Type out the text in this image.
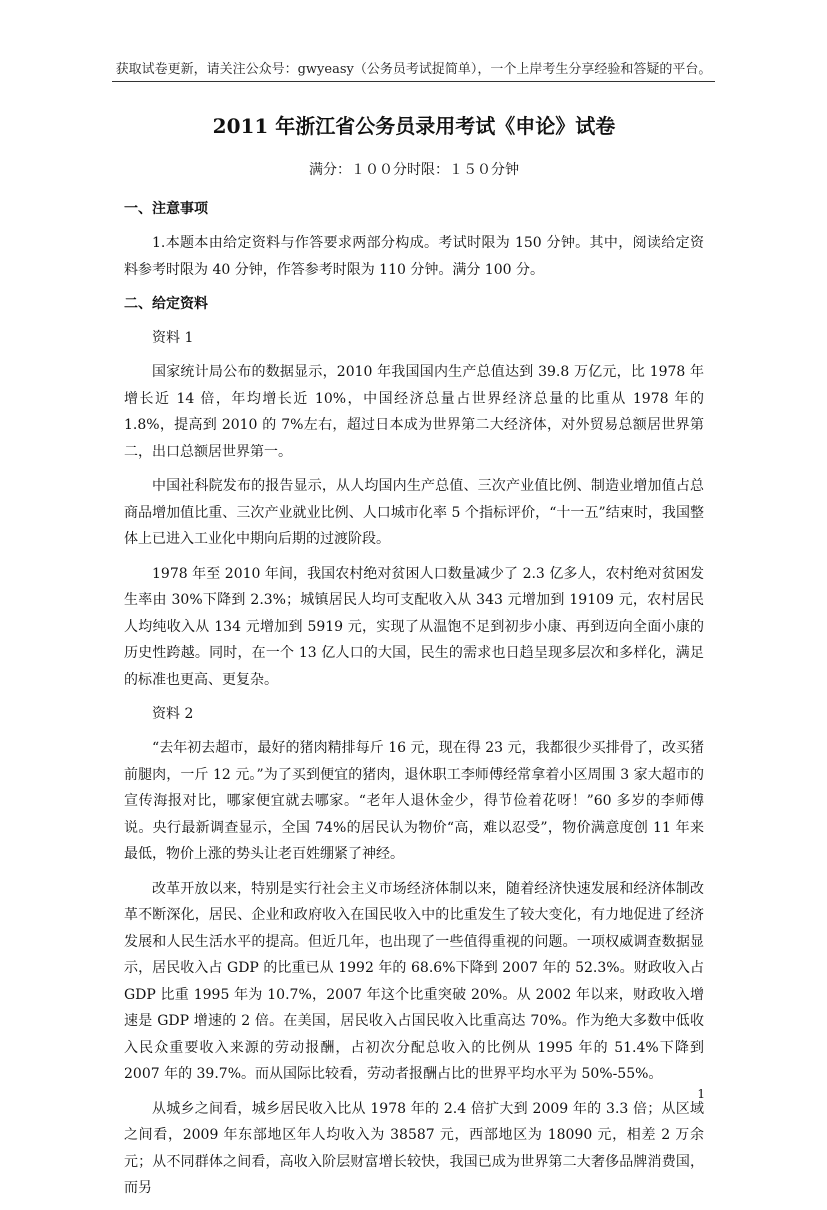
获取试卷更新，请关注公众号：gwyeasy（公务员考试捉简单），一个上岸考生分享经验和答疑的平台。
2011 年浙江省公务员录用考试《申论》试卷
满分：１００分时限：１５０分钟
一、注意事项

1.本题本由给定资料与作答要求两部分构成。考试时限为 150 分钟。其中，阅读给定资料参考时限为 40 分钟，作答参考时限为 110 分钟。满分 100 分。

二、给定资料
资料 1

国家统计局公布的数据显示，2010 年我国国内生产总值达到 39.8 万亿元，比 1978 年增长近 14 倍，年均增长近 10%，中国经济总量占世界经济总量的比重从 1978 年的 1.8%，提高到 2010 的 7%左右，超过日本成为世界第二大经济体，对外贸易总额居世界第二，出口总额居世界第一。

中国社科院发布的报告显示，从人均国内生产总值、三次产业值比例、制造业增加值占总商品增加值比重、三次产业就业比例、人口城市化率 5 个指标评价，“十一五”结束时，我国整体上已进入工业化中期向后期的过渡阶段。

1978 年至 2010 年间，我国农村绝对贫困人口数量减少了 2.3 亿多人，农村绝对贫困发生率由 30%下降到 2.3%；城镇居民人均可支配收入从 343 元增加到 19109 元，农村居民人均纯收入从 134 元增加到 5919 元，实现了从温饱不足到初步小康、再到迈向全面小康的历史性跨越。同时，在一个 13 亿人口的大国，民生的需求也日趋呈现多层次和多样化，满足的标准也更高、更复杂。

资料 2

“去年初去超市，最好的猪肉精排每斤 16 元，现在得 23 元，我都很少买排骨了，改买猪前腿肉，一斤 12 元。”为了买到便宜的猪肉，退休职工李师傅经常拿着小区周围 3 家大超市的宣传海报对比，哪家便宜就去哪家。“老年人退休金少，得节俭着花呀！”60 多岁的李师傅说。央行最新调查显示，全国 74%的居民认为物价“高，难以忍受”，物价满意度创 11 年来最低，物价上涨的势头让老百姓绷紧了神经。

改革开放以来，特别是实行社会主义市场经济体制以来，随着经济快速发展和经济体制改革不断深化，居民、企业和政府收入在国民收入中的比重发生了较大变化，有力地促进了经济发展和人民生活水平的提高。但近几年，也出现了一些值得重视的问题。一项权威调查数据显示，居民收入占 GDP 的比重已从 1992 年的 68.6%下降到 2007 年的 52.3%。财政收入占 GDP 比重 1995 年为 10.7%，2007 年这个比重突破 20%。从 2002 年以来，财政收入增速是 GDP 增速的 2 倍。在美国，居民收入占国民收入比重高达 70%。作为绝大多数中低收入民众重要收入来源的劳动报酬，占初次分配总收入的比例从 1995 年的 51.4%下降到 2007 年的 39.7%。而从国际比较看，劳动者报酬占比的世界平均水平为 50%-55%。

从城乡之间看，城乡居民收入比从 1978 年的 2.4 倍扩大到 2009 年的 3.3 倍；从区域之间看，2009 年东部地区年人均收入为 38587 元，西部地区为 18090 元，相差 2 万余元；从不同群体之间看，高收入阶层财富增长较快，我国已成为世界第二大奢侈品牌消费国，而另

1
